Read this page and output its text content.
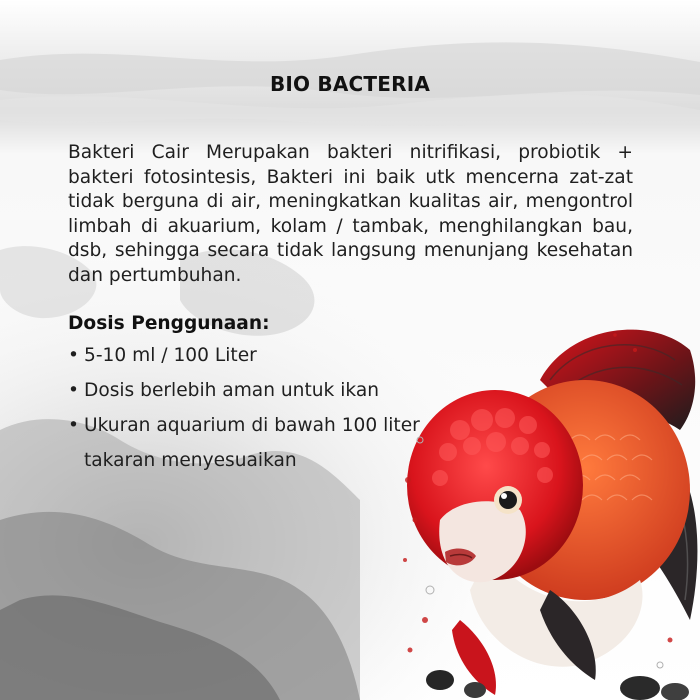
BIO BACTERIA
Bakteri Cair Merupakan bakteri nitrifikasi, probiotik + bakteri fotosintesis, Bakteri ini baik utk mencerna zat-zat tidak berguna di air, meningkatkan kualitas air, mengontrol limbah di akuarium, kolam / tambak, menghilangkan bau, dsb, sehingga secara tidak langsung menunjang kesehatan dan pertumbuhan.
Dosis Penggunaan:
• 5-10 ml / 100 Liter
• Dosis berlebih aman untuk ikan
• Ukuran aquarium di bawah 100 liter
takaran menyesuaikan
